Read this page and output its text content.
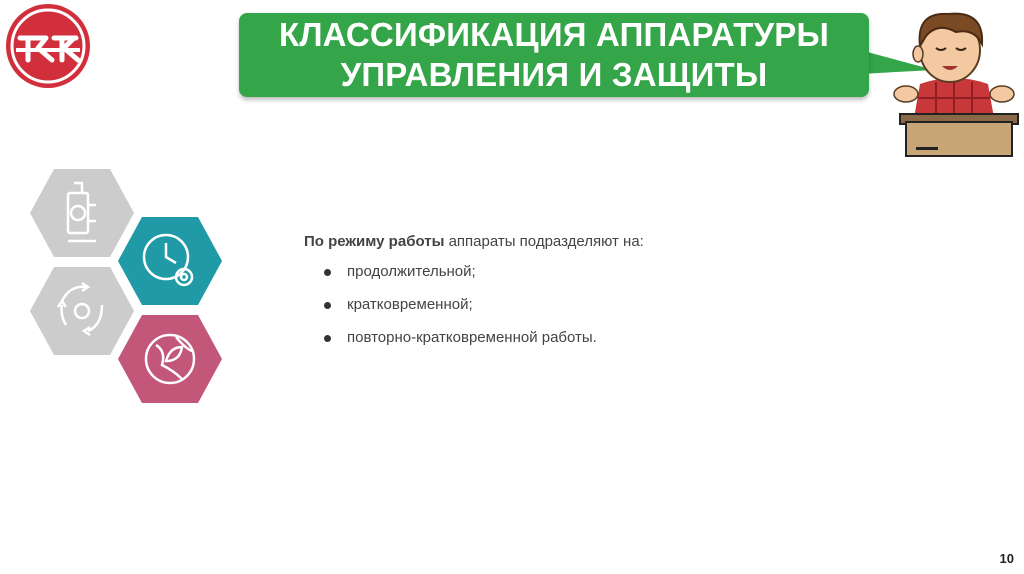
КЛАССИФИКАЦИЯ АППАРАТУРЫ
УПРАВЛЕНИЯ И ЗАЩИТЫ

По режиму работы аппараты подразделяют на:

продолжительной;
кратковременной;
повторно-кратковременной работы.
10
